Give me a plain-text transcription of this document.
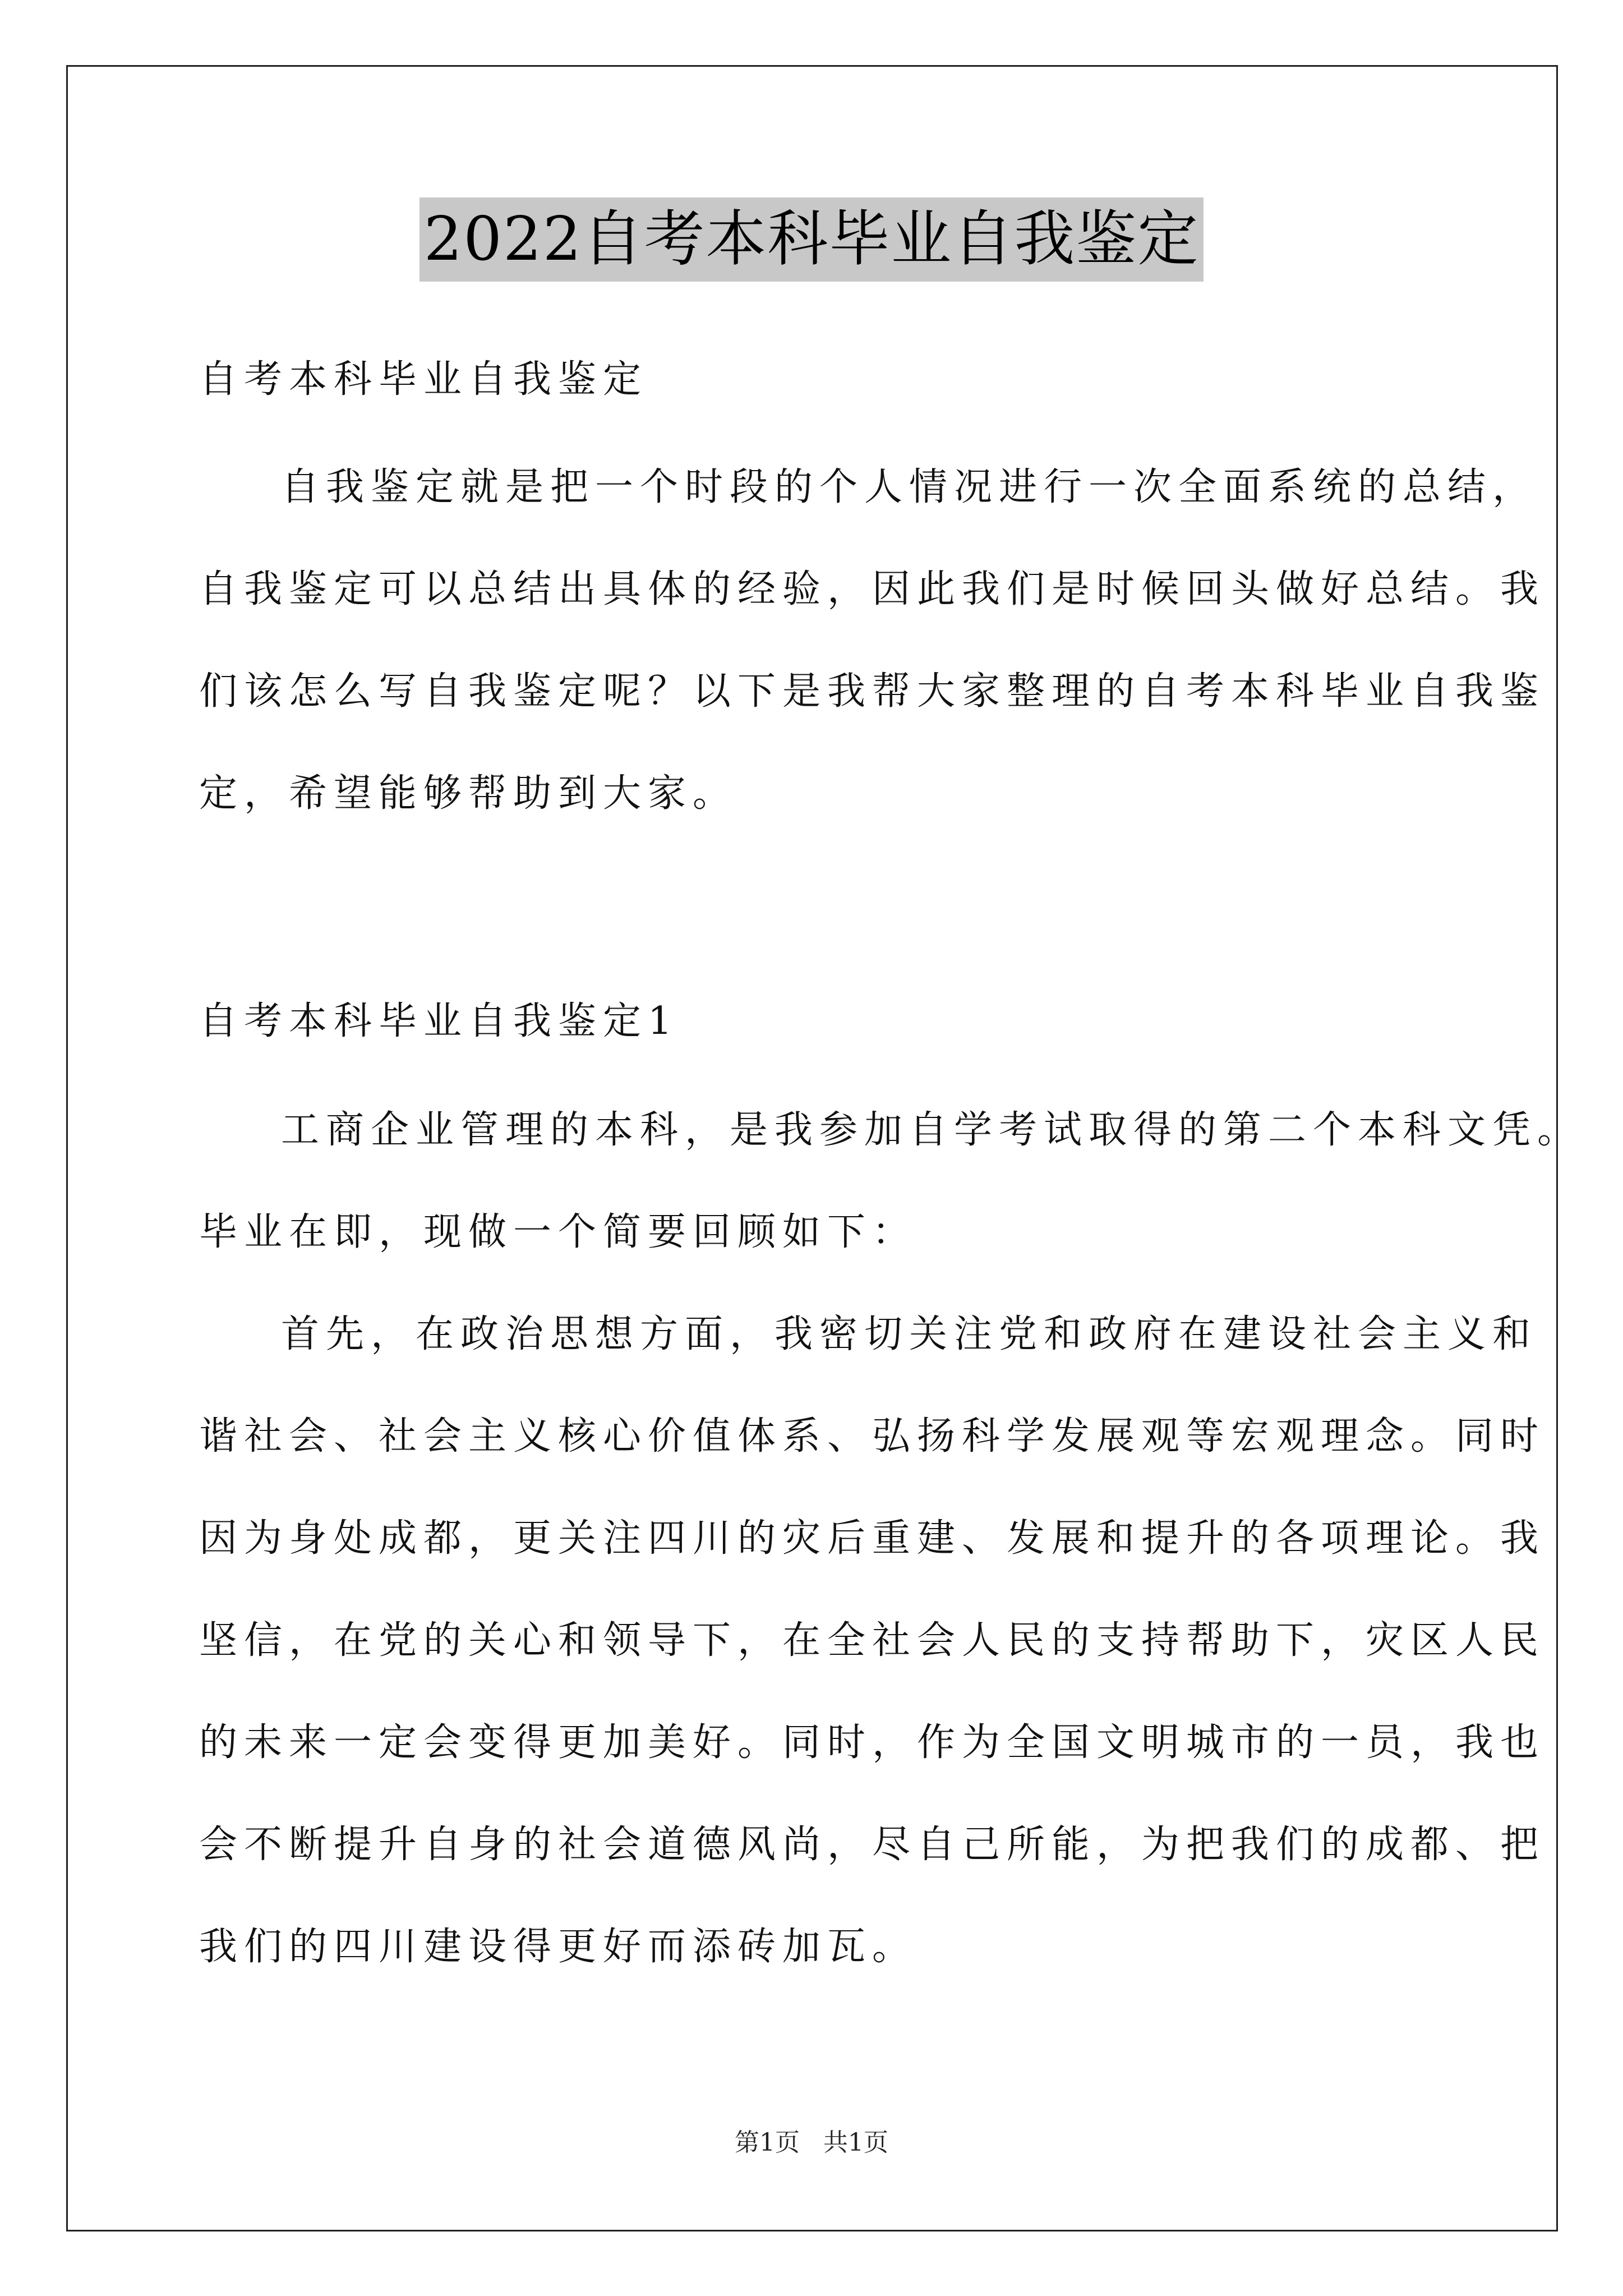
2022自考本科毕业自我鉴定
自考本科毕业自我鉴定
自我鉴定就是把一个时段的个人情况进行一次全面系统的总结，
自我鉴定可以总结出具体的经验，因此我们是时候回头做好总结。我
们该怎么写自我鉴定呢？以下是我帮大家整理的自考本科毕业自我鉴
定，希望能够帮助到大家。
自考本科毕业自我鉴定1
工商企业管理的本科，是我参加自学考试取得的第二个本科文凭。
毕业在即，现做一个简要回顾如下：
首先，在政治思想方面，我密切关注党和政府在建设社会主义和
谐社会、社会主义核心价值体系、弘扬科学发展观等宏观理念。同时
因为身处成都，更关注四川的灾后重建、发展和提升的各项理论。我
坚信，在党的关心和领导下，在全社会人民的支持帮助下，灾区人民
的未来一定会变得更加美好。同时，作为全国文明城市的一员，我也
会不断提升自身的社会道德风尚，尽自己所能，为把我们的成都、把
我们的四川建设得更好而添砖加瓦。
第1页 共1页
